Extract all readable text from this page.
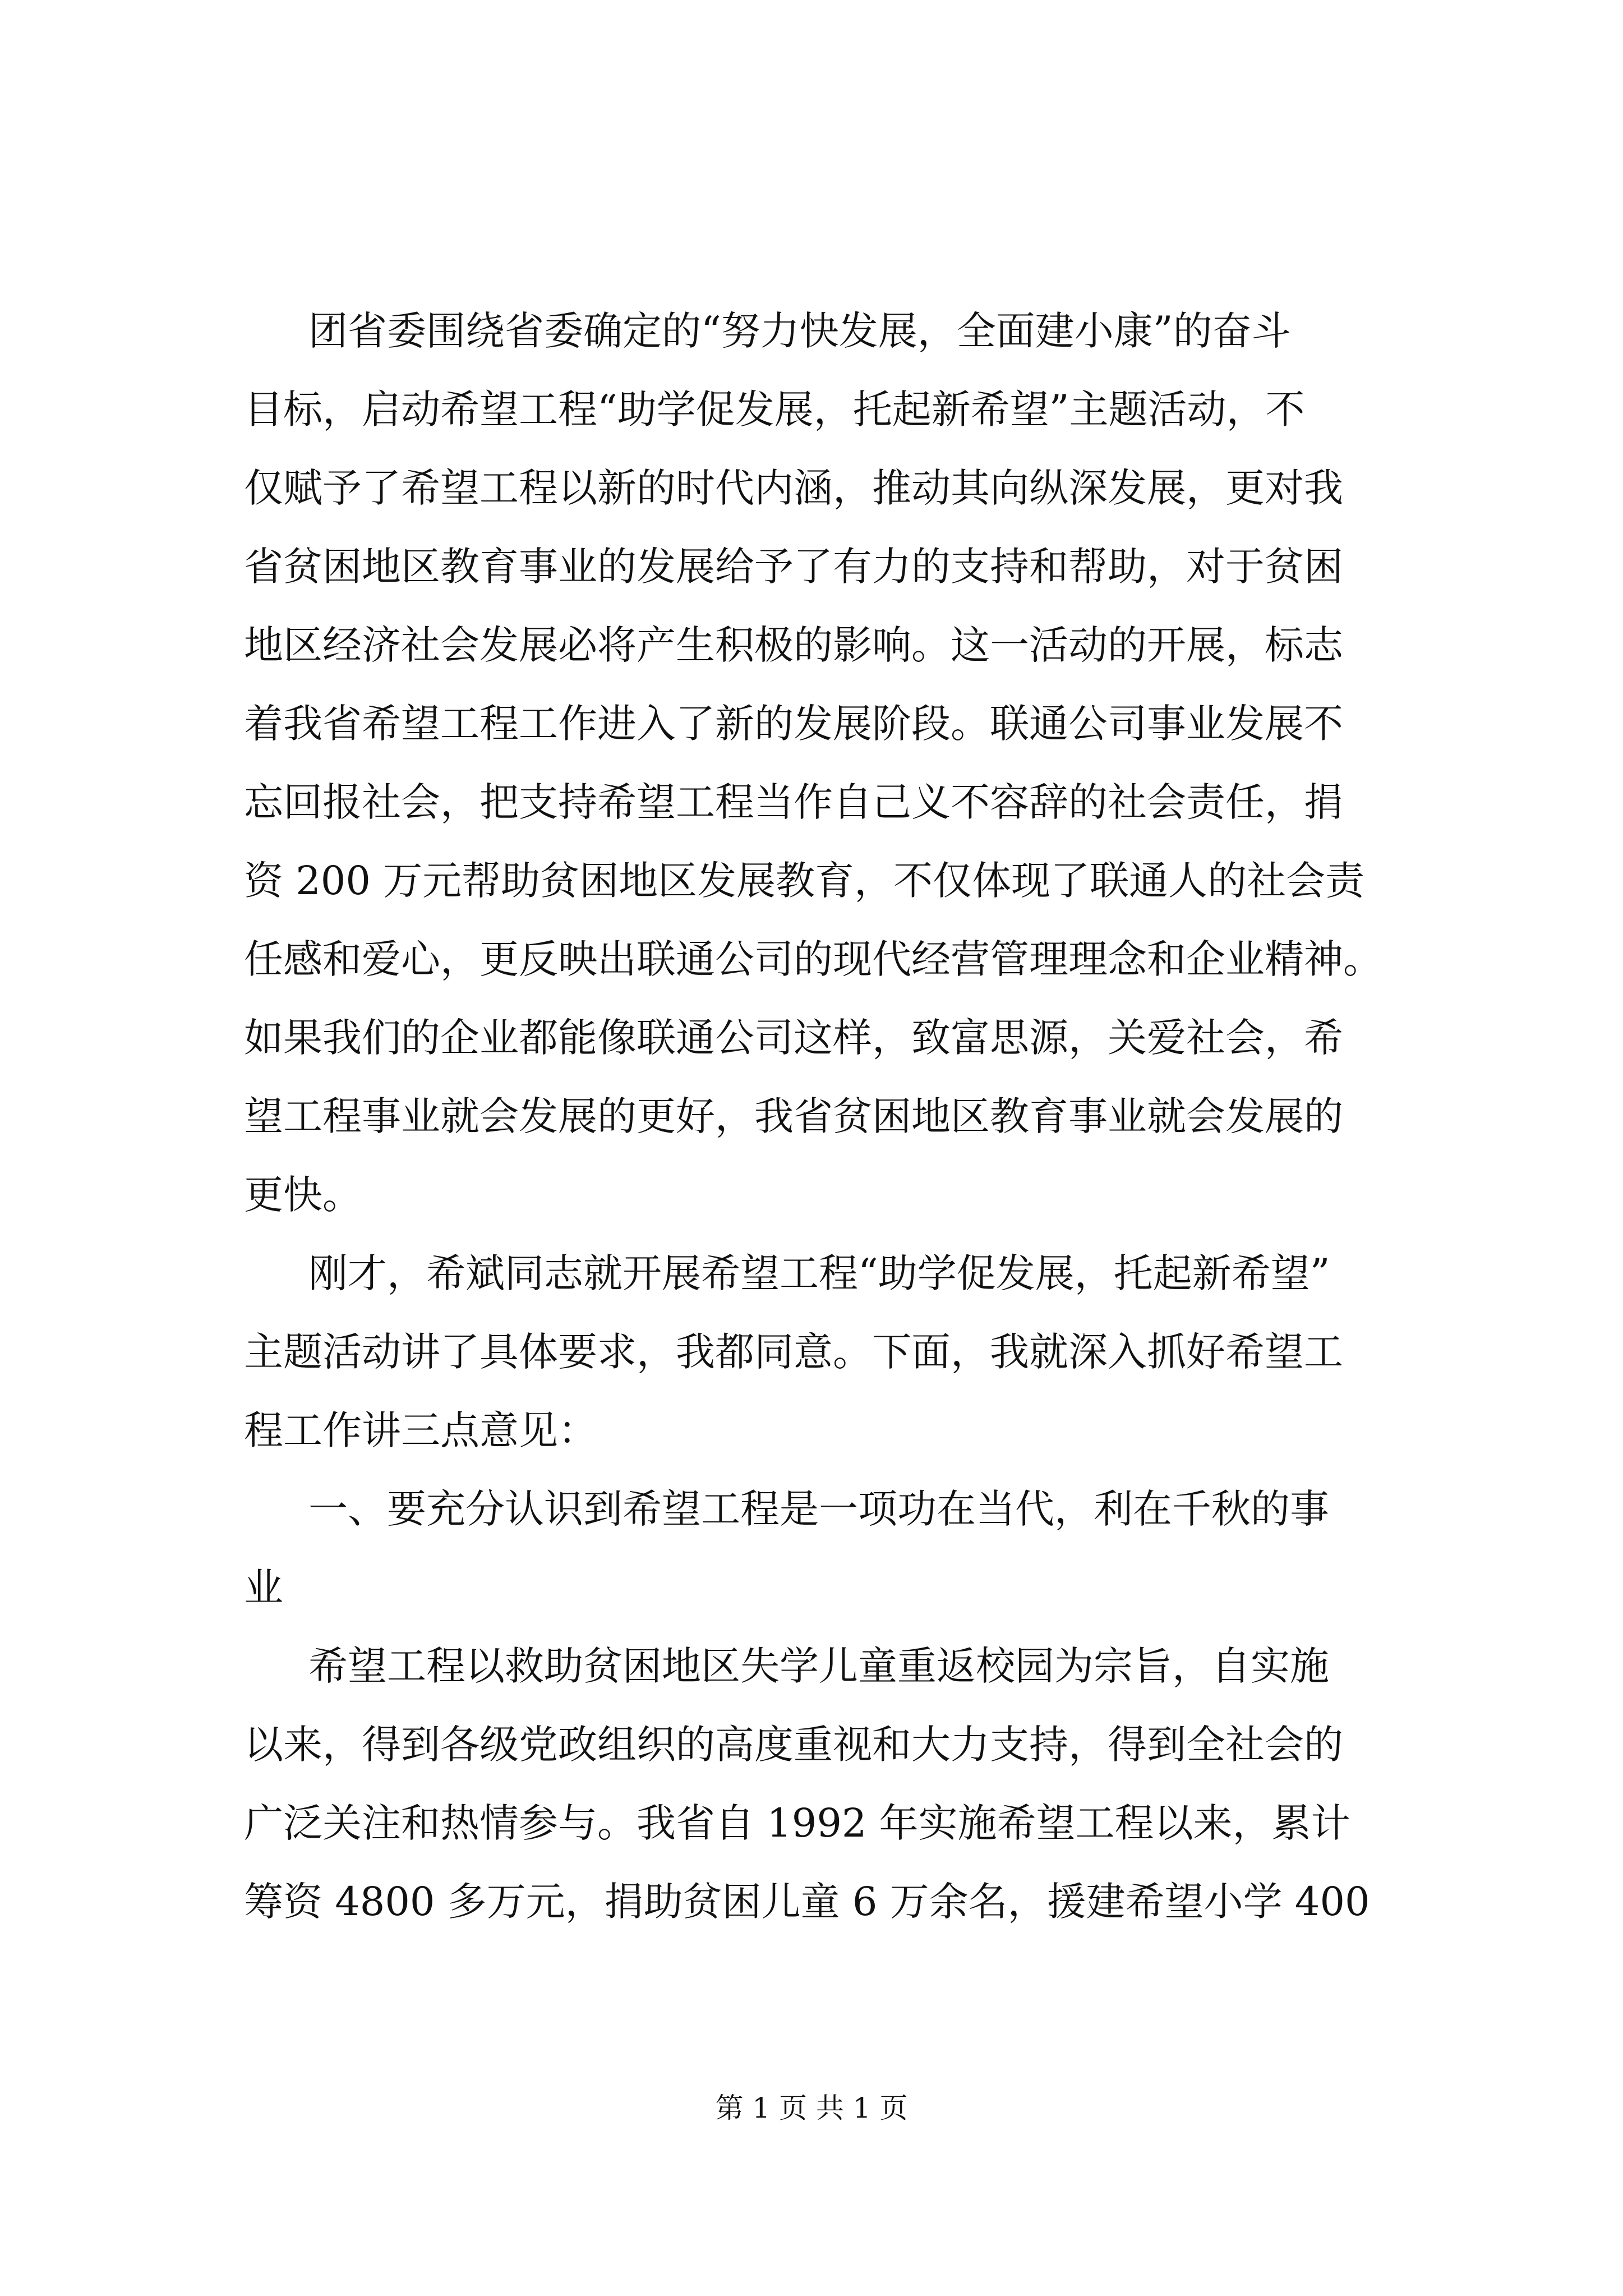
团省委围绕省委确定的“努力快发展，全面建小康”的奋斗
目标，启动希望工程“助学促发展，托起新希望”主题活动，不
仅赋予了希望工程以新的时代内涵，推动其向纵深发展，更对我
省贫困地区教育事业的发展给予了有力的支持和帮助，对于贫困
地区经济社会发展必将产生积极的影响。这一活动的开展，标志
着我省希望工程工作进入了新的发展阶段。联通公司事业发展不
忘回报社会，把支持希望工程当作自己义不容辞的社会责任，捐
资 200 万元帮助贫困地区发展教育，不仅体现了联通人的社会责
任感和爱心，更反映出联通公司的现代经营管理理念和企业精神。
如果我们的企业都能像联通公司这样，致富思源，关爱社会，希
望工程事业就会发展的更好，我省贫困地区教育事业就会发展的
更快。
刚才，希斌同志就开展希望工程“助学促发展，托起新希望”
主题活动讲了具体要求，我都同意。下面，我就深入抓好希望工
程工作讲三点意见：
一、要充分认识到希望工程是一项功在当代，利在千秋的事
业
希望工程以救助贫困地区失学儿童重返校园为宗旨，自实施
以来，得到各级党政组织的高度重视和大力支持，得到全社会的
广泛关注和热情参与。我省自 1992 年实施希望工程以来，累计
筹资 4800 多万元，捐助贫困儿童 6 万余名，援建希望小学 400
第 1 页 共 1 页
